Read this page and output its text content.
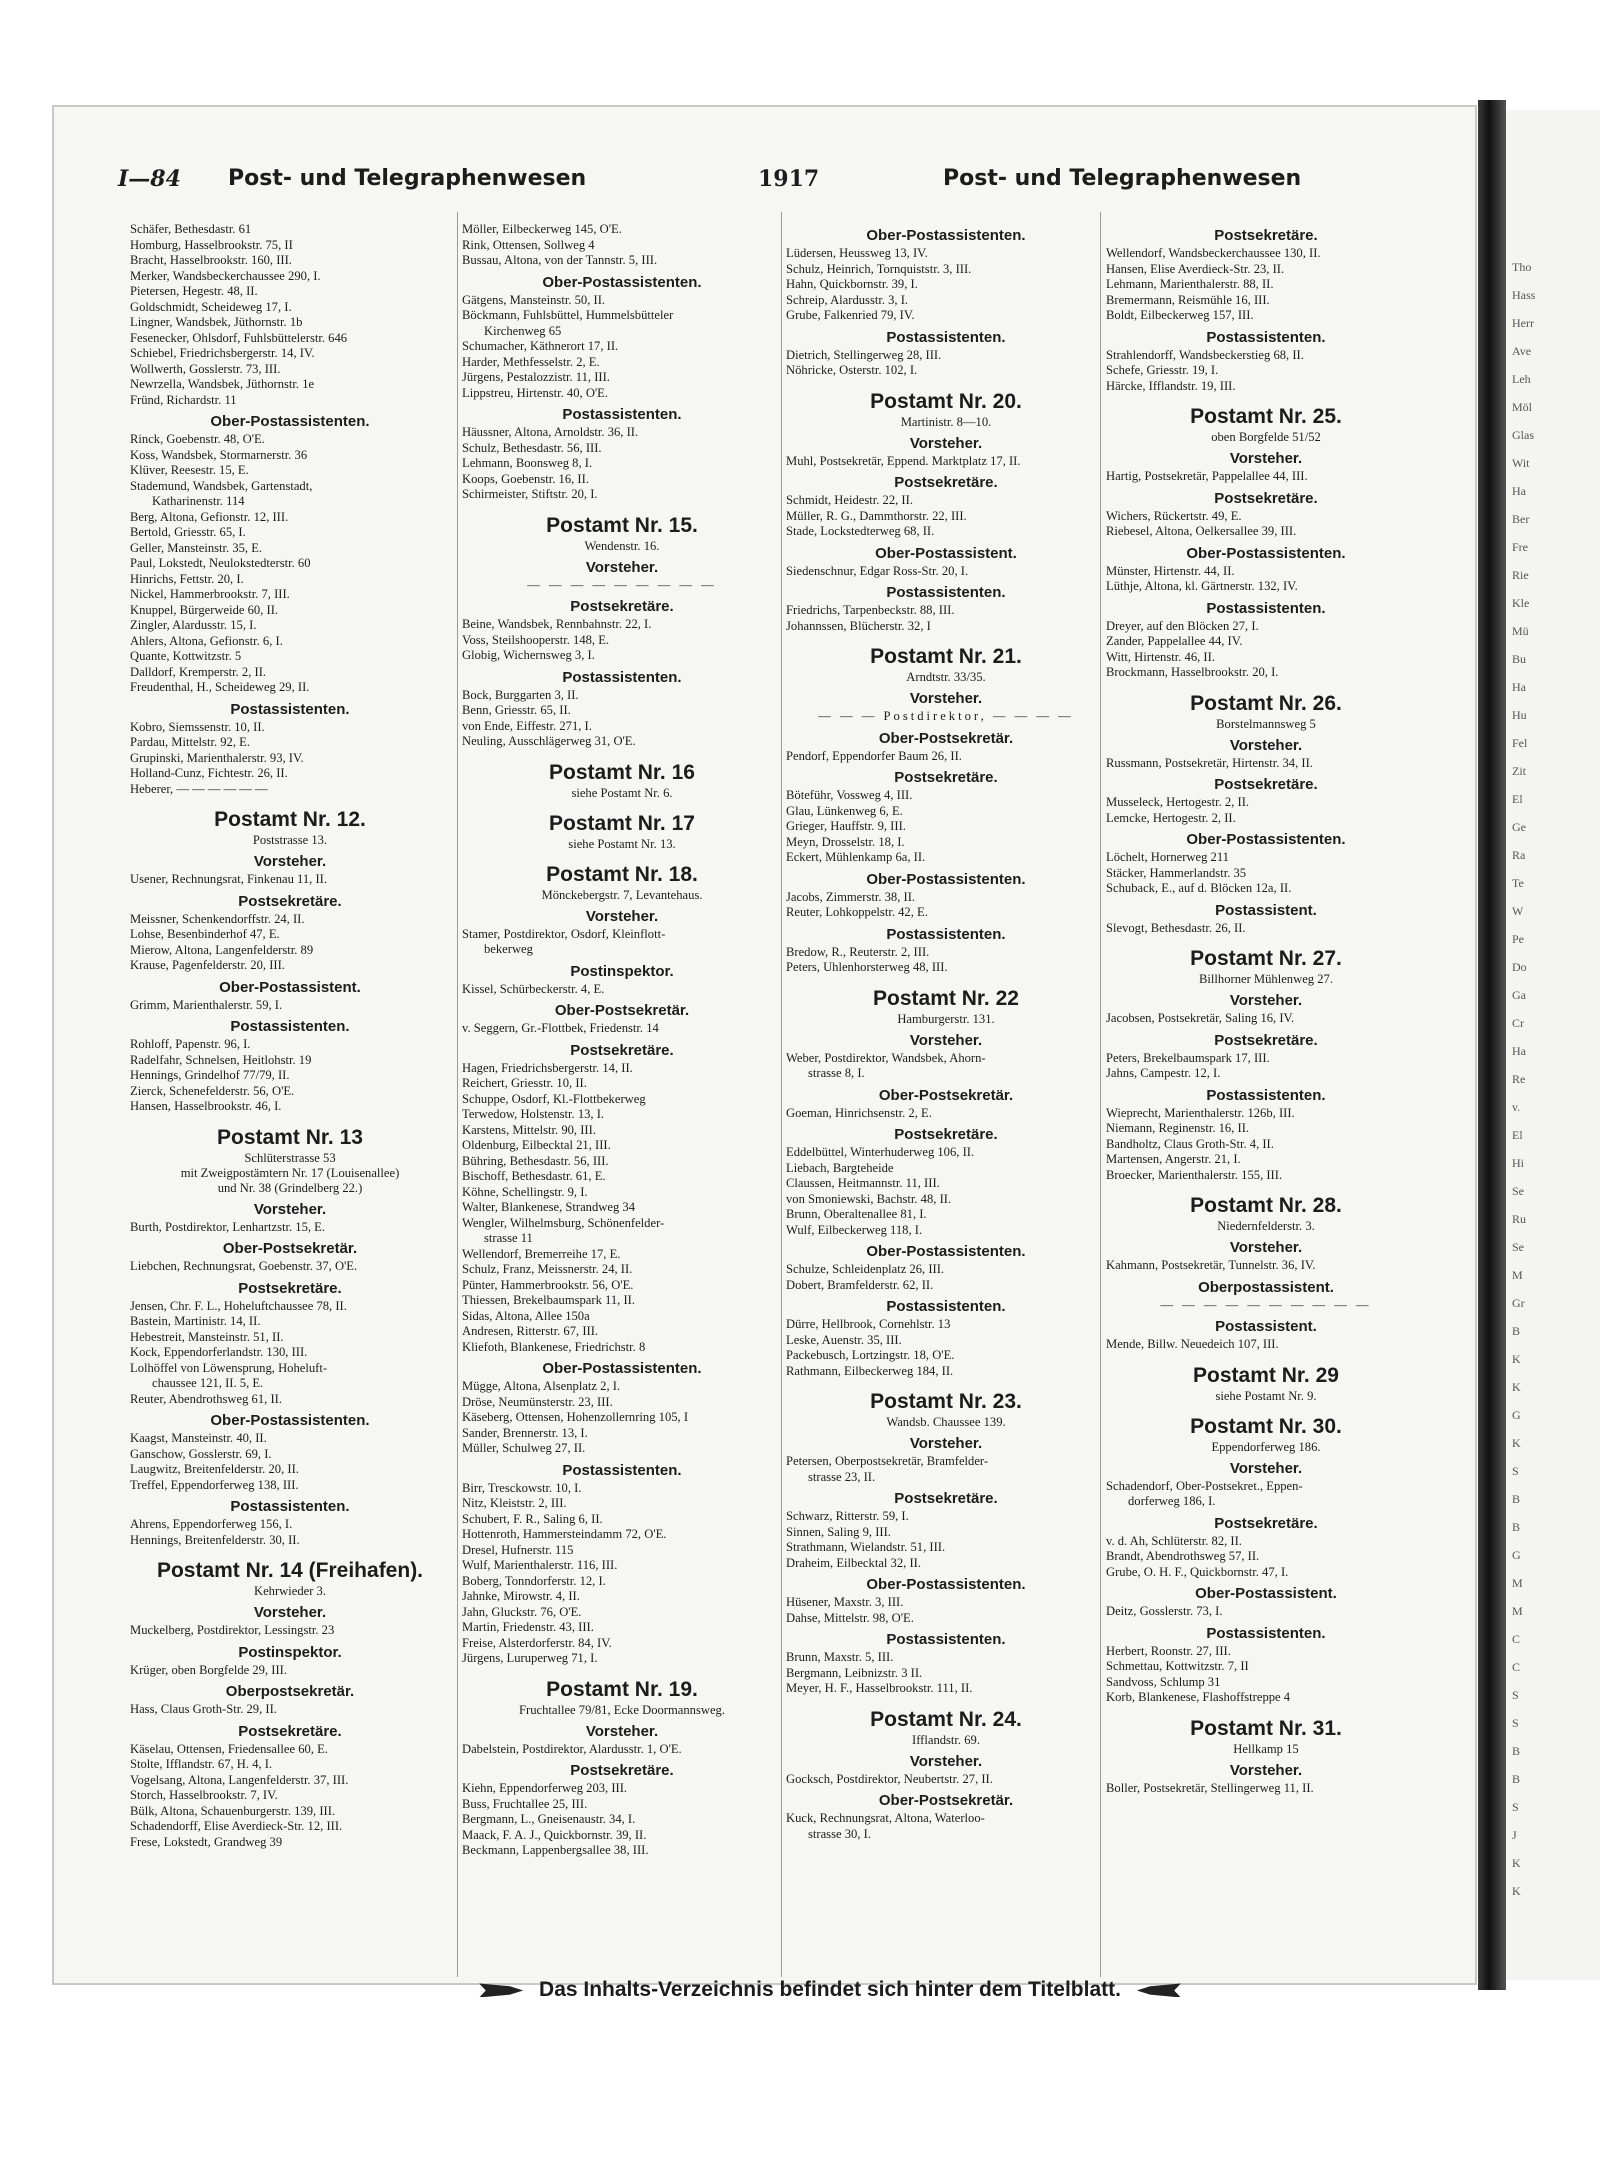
Tho
Hass
Herr
Ave
Leh
Möl
Glas
Wit
Ha
Ber
Fre
Rie
Kle
Mü
Bu
Ha
Hu
Fel
Zit
El
Ge
Ra
Te
W
Pe
Do
Ga
Cr
Ha
Re
v.
El
Hi
Se
Ru
Se
M
Gr
B
K
K
G
K
S
B
B
G
M
M
C
C
S
S
B
B
S
J
K
K
I—84 Post- und Telegraphenwesen	1917	Post- und Telegraphenwesen
Schäfer, Bethesdastr. 61
Homburg, Hasselbrookstr. 75, II
Bracht, Hasselbrookstr. 160, III.
Merker, Wandsbeckerchaussee 290, I.
Pietersen, Hegestr. 48, II.
Goldschmidt, Scheideweg 17, I.
Lingner, Wandsbek, Jüthornstr. 1b
Fesenecker, Ohlsdorf, Fuhlsbüttelerstr. 646
Schiebel, Friedrichsbergerstr. 14, IV.
Wollwerth, Gosslerstr. 73, III.
Newrzella, Wandsbek, Jüthornstr. 1e
Fründ, Richardstr. 11
Ober-Postassistenten.
Rinck, Goebenstr. 48, O'E.
Koss, Wandsbek, Stormarnerstr. 36
Klüver, Reesestr. 15, E.
Stademund, Wandsbek, Gartenstadt,
Katharinenstr. 114
Berg, Altona, Gefionstr. 12, III.
Bertold, Griesstr. 65, I.
Geller, Mansteinstr. 35, E.
Paul, Lokstedt, Neulokstedterstr. 60
Hinrichs, Fettstr. 20, I.
Nickel, Hammerbrookstr. 7, III.
Knuppel, Bürgerweide 60, II.
Zingler, Alardusstr. 15, I.
Ahlers, Altona, Gefionstr. 6, I.
Quante, Kottwitzstr. 5
Dalldorf, Kremperstr. 2, II.
Freudenthal, H., Scheideweg 29, II.
Postassistenten.
Kobro, Siemssenstr. 10, II.
Pardau, Mittelstr. 92, E.
Grupinski, Marienthalerstr. 93, IV.
Holland-Cunz, Fichtestr. 26, II.
Heberer, — — — — — —
Postamt Nr. 12.
Poststrasse 13.
Vorsteher.
Usener, Rechnungsrat, Finkenau 11, II.
Postsekretäre.
Meissner, Schenkendorffstr. 24, II.
Lohse, Besenbinderhof 47, E.
Mierow, Altona, Langenfelderstr. 89
Krause, Pagenfelderstr. 20, III.
Ober-Postassistent.
Grimm, Marienthalerstr. 59, I.
Postassistenten.
Rohloff, Papenstr. 96, I.
Radelfahr, Schnelsen, Heitlohstr. 19
Hennings, Grindelhof 77/79, II.
Zierck, Schenefelderstr. 56, O'E.
Hansen, Hasselbrookstr. 46, I.
Postamt Nr. 13
Schlüterstrasse 53
mit Zweigpostämtern Nr. 17 (Louisenallee)
und Nr. 38 (Grindelberg 22.)
Vorsteher.
Burth, Postdirektor, Lenhartzstr. 15, E.
Ober-Postsekretär.
Liebchen, Rechnungsrat, Goebenstr. 37, O'E.
Postsekretäre.
Jensen, Chr. F. L., Hoheluftchaussee 78, II.
Bastein, Martinistr. 14, II.
Hebestreit, Mansteinstr. 51, II.
Kock, Eppendorferlandstr. 130, III.
Lolhöffel von Löwensprung, Hoheluft-
chaussee 121, II. 5, E.
Reuter, Abendrothsweg 61, II.
Ober-Postassistenten.
Kaagst, Mansteinstr. 40, II.
Ganschow, Gosslerstr. 69, I.
Laugwitz, Breitenfelderstr. 20, II.
Treffel, Eppendorferweg 138, III.
Postassistenten.
Ahrens, Eppendorferweg 156, I.
Hennings, Breitenfelderstr. 30, II.
Postamt Nr. 14 (Freihafen).
Kehrwieder 3.
Vorsteher.
Muckelberg, Postdirektor, Lessingstr. 23
Postinspektor.
Krüger, oben Borgfelde 29, III.
Oberpostsekretär.
Hass, Claus Groth-Str. 29, II.
Postsekretäre.
Käselau, Ottensen, Friedensallee 60, E.
Stolte, Ifflandstr. 67, H. 4, I.
Vogelsang, Altona, Langenfelderstr. 37, III.
Storch, Hasselbrookstr. 7, IV.
Bülk, Altona, Schauenburgerstr. 139, III.
Schadendorff, Elise Averdieck-Str. 12, III.
Frese, Lokstedt, Grandweg 39
Möller, Eilbeckerweg 145, O'E.
Rink, Ottensen, Sollweg 4
Bussau, Altona, von der Tannstr. 5, III.
Ober-Postassistenten.
Gätgens, Mansteinstr. 50, II.
Böckmann, Fuhlsbüttel, Hummelsbütteler
Kirchenweg 65
Schumacher, Käthnerort 17, II.
Harder, Methfesselstr. 2, E.
Jürgens, Pestalozzistr. 11, III.
Lippstreu, Hirtenstr. 40, O'E.
Postassistenten.
Häussner, Altona, Arnoldstr. 36, II.
Schulz, Bethesdastr. 56, III.
Lehmann, Boonsweg 8, I.
Koops, Goebenstr. 16, II.
Schirmeister, Stiftstr. 20, I.
Postamt Nr. 15.
Wendenstr. 16.
Vorsteher.
— — — — — — — — —
Postsekretäre.
Beine, Wandsbek, Rennbahnstr. 22, I.
Voss, Steilshooperstr. 148, E.
Globig, Wichernsweg 3, I.
Postassistenten.
Bock, Burggarten 3, II.
Benn, Griesstr. 65, II.
von Ende, Eiffestr. 271, I.
Neuling, Ausschlägerweg 31, O'E.
Postamt Nr. 16
siehe Postamt Nr. 6.
Postamt Nr. 17
siehe Postamt Nr. 13.
Postamt Nr. 18.
Mönckebergstr. 7, Levantehaus.
Vorsteher.
Stamer, Postdirektor, Osdorf, Kleinflott-
bekerweg
Postinspektor.
Kissel, Schürbeckerstr. 4, E.
Ober-Postsekretär.
v. Seggern, Gr.-Flottbek, Friedenstr. 14
Postsekretäre.
Hagen, Friedrichsbergerstr. 14, II.
Reichert, Griesstr. 10, II.
Schuppe, Osdorf, Kl.-Flottbekerweg
Terwedow, Holstenstr. 13, I.
Karstens, Mittelstr. 90, III.
Oldenburg, Eilbecktal 21, III.
Bühring, Bethesdastr. 56, III.
Bischoff, Bethesdastr. 61, E.
Köhne, Schellingstr. 9, I.
Walter, Blankenese, Strandweg 34
Wengler, Wilhelmsburg, Schönenfelder-
strasse 11
Wellendorf, Bremerreihe 17, E.
Schulz, Franz, Meissnerstr. 24, II.
Pünter, Hammerbrookstr. 56, O'E.
Thiessen, Brekelbaumspark 11, II.
Sidas, Altona, Allee 150a
Andresen, Ritterstr. 67, III.
Kliefoth, Blankenese, Friedrichstr. 8
Ober-Postassistenten.
Mügge, Altona, Alsenplatz 2, I.
Dröse, Neumünsterstr. 23, III.
Käseberg, Ottensen, Hohenzollernring 105, I
Sander, Brennerstr. 13, I.
Müller, Schulweg 27, II.
Postassistenten.
Birr, Tresckowstr. 10, I.
Nitz, Kleiststr. 2, III.
Schubert, F. R., Saling 6, II.
Hottenroth, Hammersteindamm 72, O'E.
Dresel, Hufnerstr. 115
Wulf, Marienthalerstr. 116, III.
Boberg, Tonndorferstr. 12, I.
Jahnke, Mirowstr. 4, II.
Jahn, Gluckstr. 76, O'E.
Martin, Friedenstr. 43, III.
Freise, Alsterdorferstr. 84, IV.
Jürgens, Luruperweg 71, I.
Postamt Nr. 19.
Fruchtallee 79/81, Ecke Doormannsweg.
Vorsteher.
Dabelstein, Postdirektor, Alardusstr. 1, O'E.
Postsekretäre.
Kiehn, Eppendorferweg 203, III.
Buss, Fruchtallee 25, III.
Bergmann, L., Gneisenaustr. 34, I.
Maack, F. A. J., Quickbornstr. 39, II.
Beckmann, Lappenbergsallee 38, III.
Ober-Postassistenten.
Lüdersen, Heussweg 13, IV.
Schulz, Heinrich, Tornquiststr. 3, III.
Hahn, Quickbornstr. 39, I.
Schreip, Alardusstr. 3, I.
Grube, Falkenried 79, IV.
Postassistenten.
Dietrich, Stellingerweg 28, III.
Nöhricke, Osterstr. 102, I.
Postamt Nr. 20.
Martinistr. 8—10.
Vorsteher.
Muhl, Postsekretär, Eppend. Marktplatz 17, II.
Postsekretäre.
Schmidt, Heidestr. 22, II.
Müller, R. G., Dammthorstr. 22, III.
Stade, Lockstedterweg 68, II.
Ober-Postassistent.
Siedenschnur, Edgar Ross-Str. 20, I.
Postassistenten.
Friedrichs, Tarpenbeckstr. 88, III.
Johannssen, Blücherstr. 32, I
Postamt Nr. 21.
Arndtstr. 33/35.
Vorsteher.
— — — Postdirektor, — — — —
Ober-Postsekretär.
Pendorf, Eppendorfer Baum 26, II.
Postsekretäre.
Böteführ, Vossweg 4, III.
Glau, Lünkenweg 6, E.
Grieger, Hauffstr. 9, III.
Meyn, Drosselstr. 18, I.
Eckert, Mühlenkamp 6a, II.
Ober-Postassistenten.
Jacobs, Zimmerstr. 38, II.
Reuter, Lohkoppelstr. 42, E.
Postassistenten.
Bredow, R., Reuterstr. 2, III.
Peters, Uhlenhorsterweg 48, III.
Postamt Nr. 22
Hamburgerstr. 131.
Vorsteher.
Weber, Postdirektor, Wandsbek, Ahorn-
strasse 8, I.
Ober-Postsekretär.
Goeman, Hinrichsenstr. 2, E.
Postsekretäre.
Eddelbüttel, Winterhuderweg 106, II.
Liebach, Bargteheide
Claussen, Heitmannstr. 11, III.
von Smoniewski, Bachstr. 48, II.
Brunn, Oberaltenallee 81, I.
Wulf, Eilbeckerweg 118, I.
Ober-Postassistenten.
Schulze, Schleidenplatz 26, III.
Dobert, Bramfelderstr. 62, II.
Postassistenten.
Dürre, Hellbrook, Cornehlstr. 13
Leske, Auenstr. 35, III.
Packebusch, Lortzingstr. 18, O'E.
Rathmann, Eilbeckerweg 184, II.
Postamt Nr. 23.
Wandsb. Chaussee 139.
Vorsteher.
Petersen, Oberpostsekretär, Bramfelder-
strasse 23, II.
Postsekretäre.
Schwarz, Ritterstr. 59, I.
Sinnen, Saling 9, III.
Strathmann, Wielandstr. 51, III.
Draheim, Eilbecktal 32, II.
Ober-Postassistenten.
Hüsener, Maxstr. 3, III.
Dahse, Mittelstr. 98, O'E.
Postassistenten.
Brunn, Maxstr. 5, III.
Bergmann, Leibnizstr. 3 II.
Meyer, H. F., Hasselbrookstr. 111, II.
Postamt Nr. 24.
Ifflandstr. 69.
Vorsteher.
Gocksch, Postdirektor, Neubertstr. 27, II.
Ober-Postsekretär.
Kuck, Rechnungsrat, Altona, Waterloo-
strasse 30, I.
Postsekretäre.
Wellendorf, Wandsbeckerchaussee 130, II.
Hansen, Elise Averdieck-Str. 23, II.
Lehmann, Marienthalerstr. 88, II.
Bremermann, Reismühle 16, III.
Boldt, Eilbeckerweg 157, III.
Postassistenten.
Strahlendorff, Wandsbeckerstieg 68, II.
Schefe, Griesstr. 19, I.
Härcke, Ifflandstr. 19, III.
Postamt Nr. 25.
oben Borgfelde 51/52
Vorsteher.
Hartig, Postsekretär, Pappelallee 44, III.
Postsekretäre.
Wichers, Rückertstr. 49, E.
Riebesel, Altona, Oelkersallee 39, III.
Ober-Postassistenten.
Münster, Hirtenstr. 44, II.
Lüthje, Altona, kl. Gärtnerstr. 132, IV.
Postassistenten.
Dreyer, auf den Blöcken 27, I.
Zander, Pappelallee 44, IV.
Witt, Hirtenstr. 46, II.
Brockmann, Hasselbrookstr. 20, I.
Postamt Nr. 26.
Borstelmannsweg 5
Vorsteher.
Russmann, Postsekretär, Hirtenstr. 34, II.
Postsekretäre.
Musseleck, Hertogestr. 2, II.
Lemcke, Hertogestr. 2, II.
Ober-Postassistenten.
Löchelt, Hornerweg 211
Stäcker, Hammerlandstr. 35
Schuback, E., auf d. Blöcken 12a, II.
Postassistent.
Slevogt, Bethesdastr. 26, II.
Postamt Nr. 27.
Billhorner Mühlenweg 27.
Vorsteher.
Jacobsen, Postsekretär, Saling 16, IV.
Postsekretäre.
Peters, Brekelbaumspark 17, III.
Jahns, Campestr. 12, I.
Postassistenten.
Wieprecht, Marienthalerstr. 126b, III.
Niemann, Reginenstr. 16, II.
Bandholtz, Claus Groth-Str. 4, II.
Martensen, Angerstr. 21, I.
Broecker, Marienthalerstr. 155, III.
Postamt Nr. 28.
Niedernfelderstr. 3.
Vorsteher.
Kahmann, Postsekretär, Tunnelstr. 36, IV.
Oberpostassistent.
— — — — — — — — — —
Postassistent.
Mende, Billw. Neuedeich 107, III.
Postamt Nr. 29
siehe Postamt Nr. 9.
Postamt Nr. 30.
Eppendorferweg 186.
Vorsteher.
Schadendorf, Ober-Postsekret., Eppen-
dorferweg 186, I.
Postsekretäre.
v. d. Ah, Schlüterstr. 82, II.
Brandt, Abendrothsweg 57, II.
Grube, O. H. F., Quickbornstr. 47, I.
Ober-Postassistent.
Deitz, Gosslerstr. 73, I.
Postassistenten.
Herbert, Roonstr. 27, III.
Schmettau, Kottwitzstr. 7, II
Sandvoss, Schlump 31
Korb, Blankenese, Flashoffstreppe 4
Postamt Nr. 31.
Hellkamp 15
Vorsteher.
Boller, Postsekretär, Stellingerweg 11, II.
Das Inhalts-Verzeichnis befindet sich hinter dem Titelblatt.
